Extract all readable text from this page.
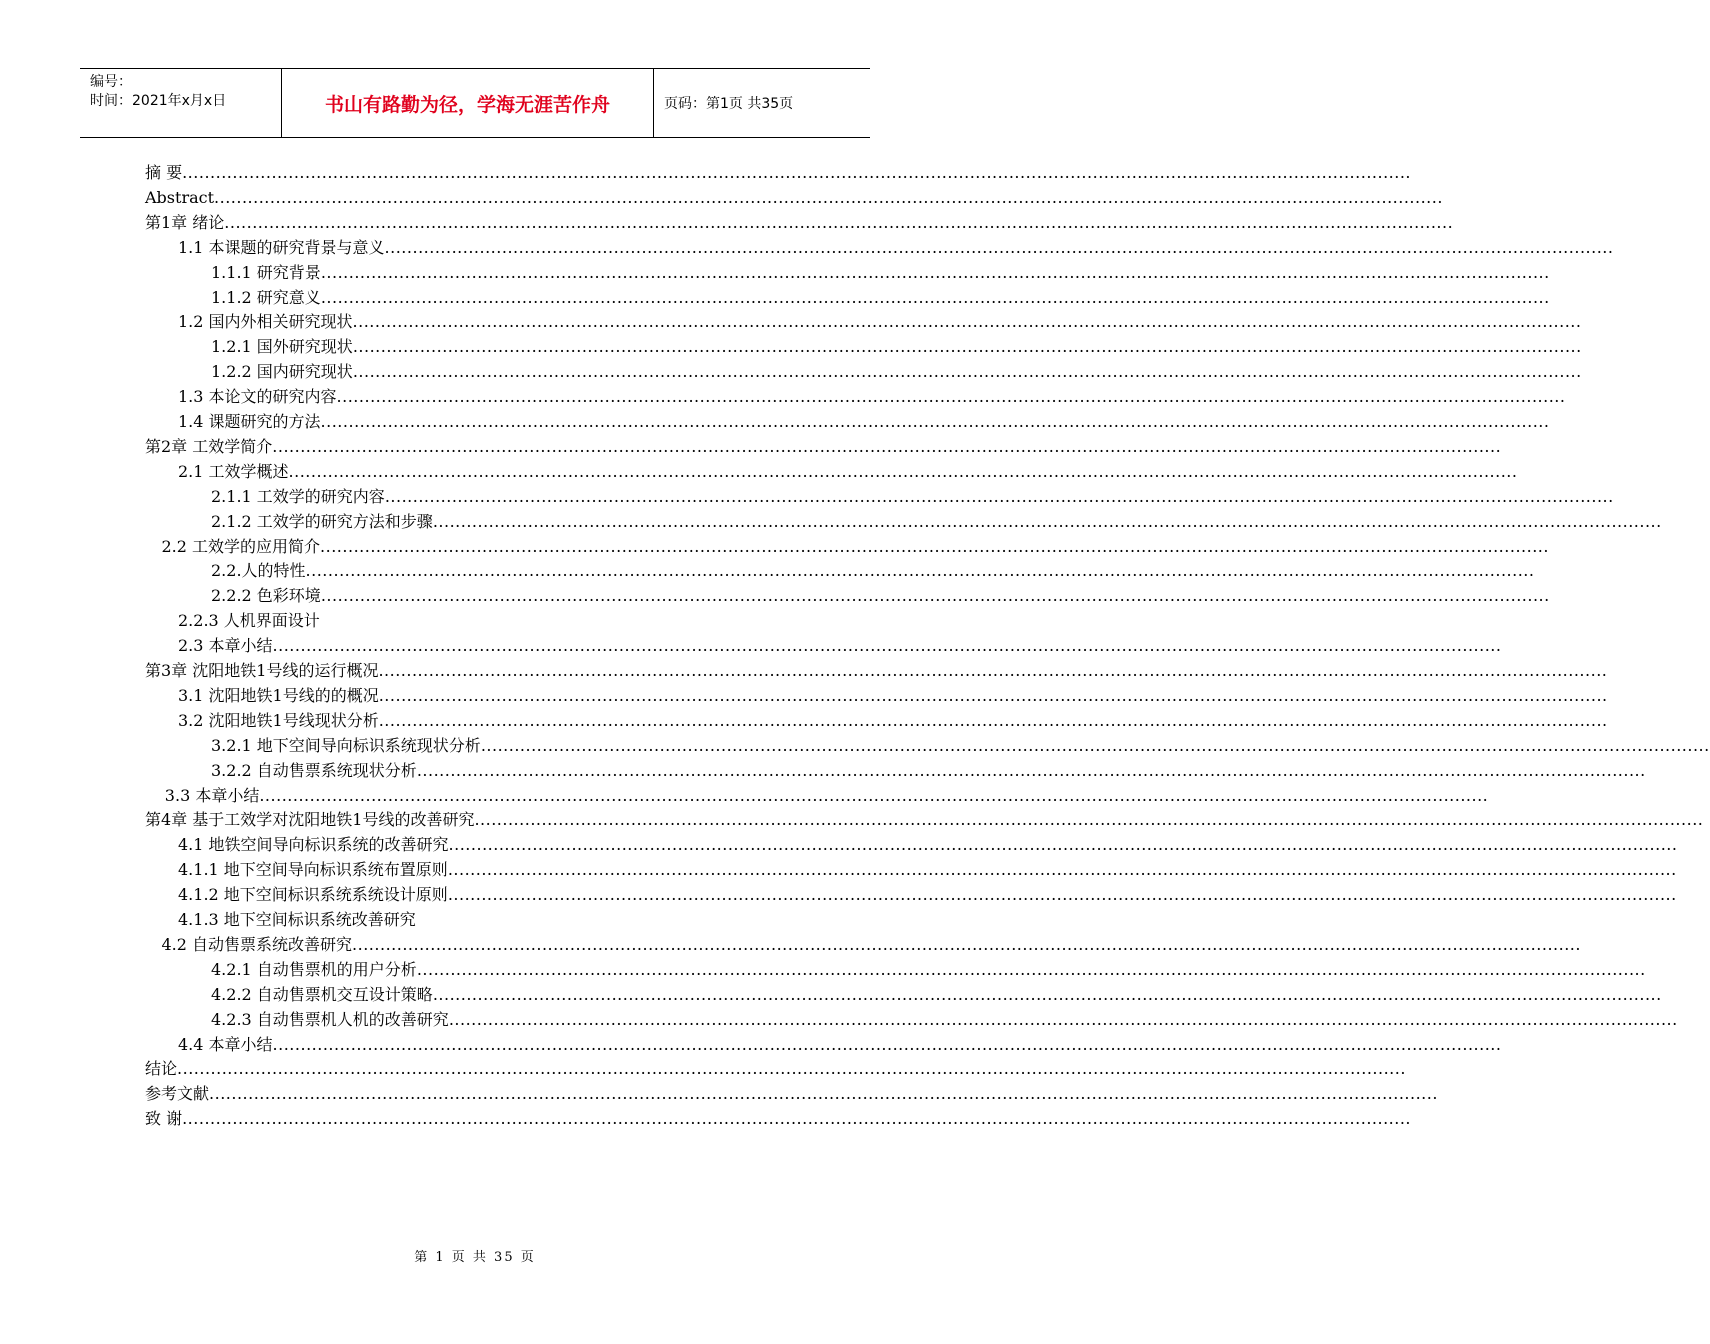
编号：
时间：2021年x月x日	书山有路勤为径，学海无涯苦作舟	页码：第1页 共35页
摘 要 ............................................................................................................................................................................................................................
Abstract ............................................................................................................................................................................................................................
第1章 绪论 ............................................................................................................................................................................................................................
1.1 本课题的研究背景与意义 ............................................................................................................................................................................................................................
1.1.1 研究背景 ............................................................................................................................................................................................................................
1.1.2 研究意义 ............................................................................................................................................................................................................................
1.2 国内外相关研究现状 ............................................................................................................................................................................................................................
1.2.1 国外研究现状 ............................................................................................................................................................................................................................
1.2.2 国内研究现状 ............................................................................................................................................................................................................................
1.3 本论文的研究内容 ............................................................................................................................................................................................................................
1.4 课题研究的方法 ............................................................................................................................................................................................................................
第2章 工效学简介 ............................................................................................................................................................................................................................
2.1 工效学概述 ............................................................................................................................................................................................................................
2.1.1 工效学的研究内容 ............................................................................................................................................................................................................................
2.1.2 工效学的研究方法和步骤 ............................................................................................................................................................................................................................
2.2 工效学的应用简介 ............................................................................................................................................................................................................................
2.2.人的特性 ............................................................................................................................................................................................................................
2.2.2 色彩环境 ............................................................................................................................................................................................................................
2.2.3 人机界面设计
2.3 本章小结 ............................................................................................................................................................................................................................
第3章 沈阳地铁1号线的运行概况 ............................................................................................................................................................................................................................
3.1 沈阳地铁1号线的的概况 ............................................................................................................................................................................................................................
3.2 沈阳地铁1号线现状分析 ............................................................................................................................................................................................................................
3.2.1 地下空间导向标识系统现状分析 ............................................................................................................................................................................................................................
3.2.2 自动售票系统现状分析 ............................................................................................................................................................................................................................
3.3 本章小结 ............................................................................................................................................................................................................................
第4章 基于工效学对沈阳地铁1号线的改善研究 ............................................................................................................................................................................................................................
4.1 地铁空间导向标识系统的改善研究 ............................................................................................................................................................................................................................
4.1.1 地下空间导向标识系统布置原则 ............................................................................................................................................................................................................................
4.1.2 地下空间标识系统系统设计原则 ............................................................................................................................................................................................................................
4.1.3 地下空间标识系统改善研究
4.2 自动售票系统改善研究 ............................................................................................................................................................................................................................
4.2.1 自动售票机的用户分析 ............................................................................................................................................................................................................................
4.2.2 自动售票机交互设计策略 ............................................................................................................................................................................................................................
4.2.3 自动售票机人机的改善研究 ............................................................................................................................................................................................................................
4.4 本章小结 ............................................................................................................................................................................................................................
结论 ............................................................................................................................................................................................................................
参考文献 ............................................................................................................................................................................................................................
致 谢 ............................................................................................................................................................................................................................
第 1 页 共 35 页
